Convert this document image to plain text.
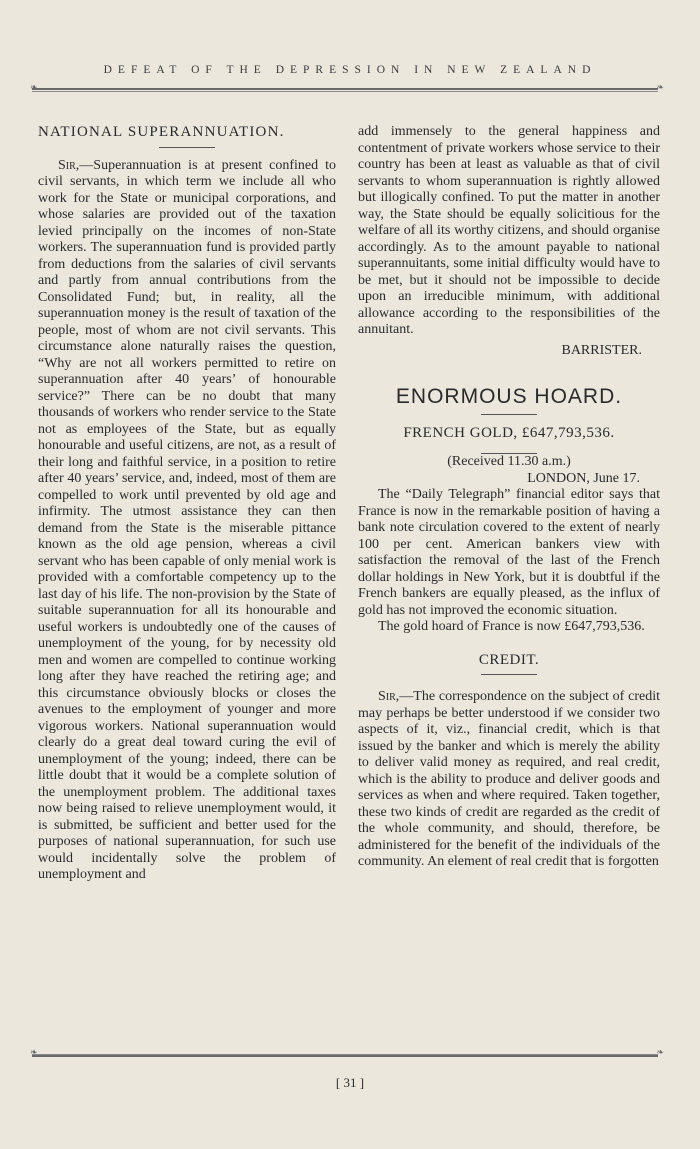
DEFEAT OF THE DEPRESSION IN NEW ZEALAND
❧	❧
NATIONAL SUPERANNUATION.

Sir,—Superannuation is at present confined to civil servants, in which term we include all who work for the State or municipal corporations, and whose salaries are provided out of the taxation levied principally on the incomes of non-State workers. The superannuation fund is provided partly from deductions from the salaries of civil servants and partly from annual contributions from the Consolidated Fund; but, in reality, all the superannuation money is the result of taxation of the people, most of whom are not civil servants. This circumstance alone naturally raises the question, “Why are not all workers permitted to retire on superannuation after 40 years’ of honourable service?” There can be no doubt that many thousands of workers who render service to the State not as employees of the State, but as equally honourable and useful citizens, are not, as a result of their long and faithful service, in a position to retire after 40 years’ service, and, indeed, most of them are compelled to work until prevented by old age and infirmity. The utmost assistance they can then demand from the State is the miserable pittance known as the old age pension, whereas a civil servant who has been capable of only menial work is provided with a comfortable competency up to the last day of his life. The non-provision by the State of suitable superannuation for all its honourable and useful workers is undoubtedly one of the causes of unemployment of the young, for by necessity old men and women are compelled to continue working long after they have reached the retiring age; and this circumstance obviously blocks or closes the avenues to the employment of younger and more vigorous workers. National superannuation would clearly do a great deal toward curing the evil of unemployment of the young; indeed, there can be little doubt that it would be a complete solution of the unemployment problem. The additional taxes now being raised to relieve unemployment would, it is submitted, be sufficient and better used for the purposes of national superannuation, for such use would incidentally solve the problem of unemployment and

add immensely to the general happiness and contentment of private workers whose service to their country has been at least as valuable as that of civil servants to whom superannuation is rightly allowed but illogically confined. To put the matter in another way, the State should be equally solicitious for the welfare of all its worthy citizens, and should organise accordingly. As to the amount payable to national superannuitants, some initial difficulty would have to be met, but it should not be impossible to decide upon an irreducible minimum, with additional allowance according to the responsibilities of the annuitant.

BARRISTER.

ENORMOUS HOARD.
FRENCH GOLD, £647,793,536.

(Received 11.30 a.m.)

LONDON, June 17.

The “Daily Telegraph” financial editor says that France is now in the remarkable position of having a bank note circulation covered to the extent of nearly 100 per cent. American bankers view with satisfaction the removal of the last of the French dollar holdings in New York, but it is doubtful if the French bankers are equally pleased, as the influx of gold has not improved the economic situation.

The gold hoard of France is now £647,793,536.

CREDIT.

Sir,—The correspondence on the subject of credit may perhaps be better understood if we consider two aspects of it, viz., financial credit, which is that issued by the banker and which is merely the ability to deliver valid money as required, and real credit, which is the ability to produce and deliver goods and services as when and where required. Taken together, these two kinds of credit are regarded as the credit of the whole community, and should, therefore, be administered for the benefit of the individuals of the community. An element of real credit that is forgotten

❧	❧
[ 31 ]
